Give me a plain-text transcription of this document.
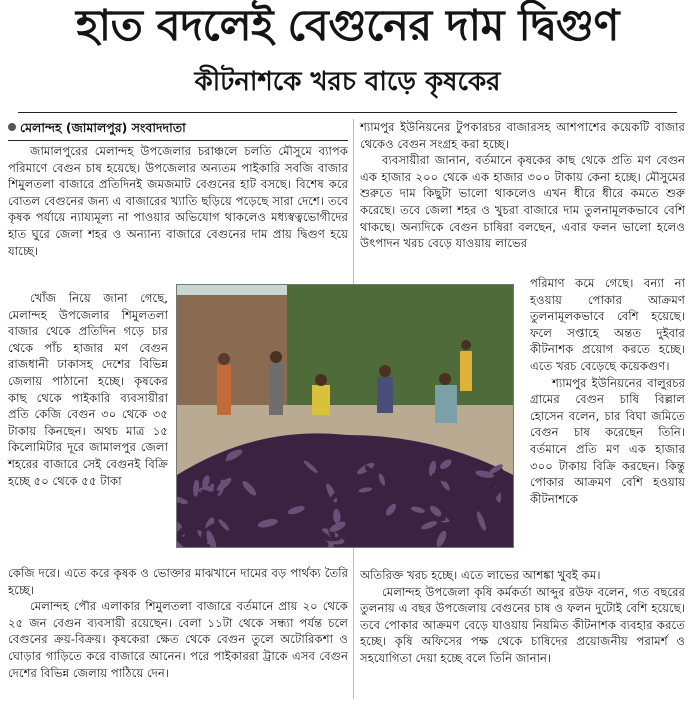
হাত বদলেই বেগুনের দাম দ্বিগুণ
কীটনাশকে খরচ বাড়ে কৃষকের
মেলান্দহ (জামালপুর) সংবাদদাতা

জামালপুরের মেলান্দহ উপজেলার চরাঞ্চলে চলতি মৌসুমে ব্যাপক পরিমাণে বেগুন চাষ হয়েছে। উপজেলার অন্যতম পাইকারি সবজি বাজার শিমুলতলা বাজারে প্রতিদিনই জমজমাট বেগুনের হাট বসছে। বিশেষ করে বোতল বেগুনের জন্য এ বাজারের খ্যাতি ছড়িয়ে পড়েছে সারা দেশে। তবে কৃষক পর্যায়ে ন্যায্যমূল্য না পাওয়ার অভিযোগ থাকলেও মধ্যস্বত্বভোগীদের হাত ঘুরে জেলা শহর ও অন্যান্য বাজারে বেগুনের দাম প্রায় দ্বিগুণ হয়ে যাচ্ছে।

খোঁজ নিয়ে জানা গেছে, মেলান্দহ উপজেলার শিমুলতলা বাজার থেকে প্রতিদিন গড়ে চার থেকে পাঁচ হাজার মণ বেগুন রাজধানী ঢাকাসহ দেশের বিভিন্ন জেলায় পাঠানো হচ্ছে। কৃষকের কাছ থেকে পাইকারি ব্যবসায়ীরা প্রতি কেজি বেগুন ৩০ থেকে ৩৫ টাকায় কিনছেন। অথচ মাত্র ১৫ কিলোমিটার দূরে জামালপুর জেলা শহরের বাজারে সেই বেগুনই বিক্রি হচ্ছে ৫০ থেকে ৫৫ টাকা

কেজি দরে। এতে করে কৃষক ও ভোক্তার মাঝখানে দামের বড় পার্থক্য তৈরি হচ্ছে।

মেলান্দহ পৌর এলাকার শিমুলতলা বাজারে বর্তমানে প্রায় ২০ থেকে ২৫ জন বেগুন ব্যবসায়ী রয়েছেন। বেলা ১১টা থেকে সন্ধ্যা পর্যন্ত চলে বেগুনের ক্রয়-বিক্রয়। কৃষকেরা ক্ষেত থেকে বেগুন তুলে অটোরিকশা ও ঘোড়ার গাড়িতে করে বাজারে আনেন। পরে পাইকাররা ট্রাকে এসব বেগুন দেশের বিভিন্ন জেলায় পাঠিয়ে দেন।

শ্যামপুর ইউনিয়নের টুপকারচর বাজারসহ আশপাশের কয়েকটি বাজার থেকেও বেগুন সংগ্রহ করা হচ্ছে।

ব্যবসায়ীরা জানান, বর্তমানে কৃষকের কাছ থেকে প্রতি মণ বেগুন এক হাজার ২০০ থেকে এক হাজার ৩০০ টাকায় কেনা হচ্ছে। মৌসুমের শুরুতে দাম কিছুটা ভালো থাকলেও এখন ধীরে ধীরে কমতে শুরু করেছে। তবে জেলা শহর ও খুচরা বাজারে দাম তুলনামূলকভাবে বেশি থাকছে। অন্যদিকে বেগুন চাষিরা বলছেন, এবার ফলন ভালো হলেও উৎপাদন খরচ বেড়ে যাওয়ায় লাভের

পরিমাণ কমে গেছে। বন্যা না হওয়ায় পোকার আক্রমণ তুলনামূলকভাবে বেশি হয়েছে। ফলে সপ্তাহে অন্তত দুইবার কীটনাশক প্রয়োগ করতে হচ্ছে। এতে খরচ বেড়েছে কয়েকগুণ।

শ্যামপুর ইউনিয়নের বালুরচর গ্রামের বেগুন চাষি বিল্লাল হোসেন বলেন, চার বিঘা জমিতে বেগুন চাষ করেছেন তিনি। বর্তমানে প্রতি মণ এক হাজার ৩০০ টাকায় বিক্রি করছেন। কিন্তু পোকার আক্রমণ বেশি হওয়ায় কীটনাশকে

অতিরিক্ত খরচ হচ্ছে। এতে লাভের আশঙ্কা খুবই কম।

মেলান্দহ উপজেলা কৃষি কর্মকর্তা আব্দুর রউফ বলেন, গত বছরের তুলনায় এ বছর উপজেলায় বেগুনের চাষ ও ফলন দুটোই বেশি হয়েছে। তবে পোকার আক্রমণ বেড়ে যাওয়ায় নিয়মিত কীটনাশক ব্যবহার করতে হচ্ছে। কৃষি অফিসের পক্ষ থেকে চাষিদের প্রয়োজনীয় পরামর্শ ও সহযোগিতা দেয়া হচ্ছে বলে তিনি জানান।
